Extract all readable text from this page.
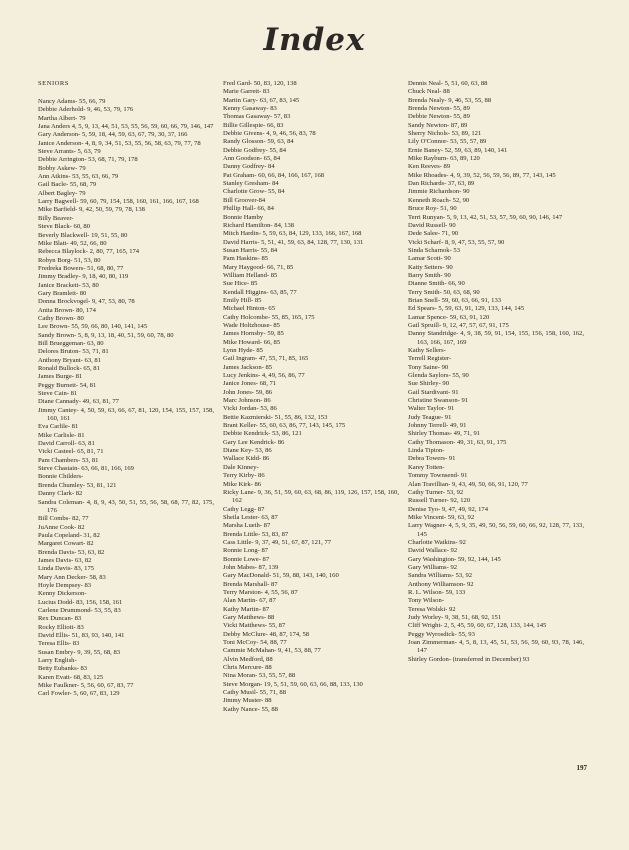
Index
SENIORS
Nancy Adams- 55, 66, 79
Debbie Aderhold- 9, 46, 53, 79, 176
Martha Albert- 79
Jana Anders 4, 5, 9, 13, 44, 51, 53, 55, 56, 59, 60, 66, 79, 146, 147
Gary Anderson- 5, 59, 18, 44, 59, 63, 67, 79, 30, 37, 166
Janice Anderson- 4, 8, 9, 34, 51, 53, 55, 56, 58, 63, 79, 77, 78
Steve Arrants- 5, 63, 79
Debbie Arrington- 53, 68, 71, 79, 178
Bobby Askew- 79
Ann Atkins- 53, 55, 63, 66, 79
Gail Bacle- 55, 68, 79
Albert Bagley- 79
Larry Bagwell- 59, 60, 79, 154, 158, 160, 161, 166, 167, 168
Mike Barfield- 9, 42, 50, 59, 79, 78, 138
Billy Beaver-
Steve Black- 60, 80
Beverly Blackwell- 19, 51, 55, 80
Mike Blatt- 49, 52, 66, 80
Rebecca Blaylock- 2, 80, 77, 165, 174
Robyn Borg- 51, 53, 80
Fredreka Bowers- 51, 68, 80, 77
Jimmy Bradley- 9, 18, 40, 80, 119
Janice Brackett- 53, 80
Gary Bramlett- 80
Donna Brockvogel- 9, 47, 53, 80, 78
Anita Brown- 80, 174
Cathy Brown- 80
Lee Brown- 55, 59, 66, 80, 140, 141, 145
Sandy Brown- 5, 8, 9, 13, 18, 40, 51, 59, 60, 78, 80
Bill Brueggeman- 63, 80
Delores Bruton- 53, 71, 81
Anthony Bryant- 63, 81
Ronald Bullock- 65, 81
James Burge- 81
Peggy Burnett- 54, 81
Steve Cain- 81
Diane Cannady- 49, 63, 81, 77
Jimmy Cantey- 4, 50, 59, 63, 66, 67, 81, 120, 154, 155, 157, 158, 160, 161
Eva Carlile- 81
Mike Carlisle- 81
David Carroll- 63, 81
Vicki Casteel- 65, 81, 71
Pam Chambers- 53, 81
Steve Chastain- 63, 66, 81, 166, 169
Bonnie Childers-
Brenda Chumley- 53, 81, 121
Danny Clark- 82
Sandra Coleman- 4, 8, 9, 43, 50, 51, 55, 56, 58, 68, 77, 82, 175, 176
Bill Combs- 82, 77
JuAnne Cook- 82
Paula Copeland- 31, 82
Margaret Cowart- 82
Brenda Davis- 53, 63, 82
James Davis- 63, 82
Linda Davis- 83, 175
Mary Ann Decker- 58, 83
Hoyle Dempsey- 83
Kenny Dickerson-
Lucius Dodd- 83, 156, 158, 161
Carlene Drummond- 53, 55, 83
Rex Duncan- 83
Rocky Elliott- 83
David Ellis- 51, 83, 93, 140, 141
Teresa Ellis- 83
Susan Embry- 9, 39, 55, 68, 83
Larry English-
Betty Eubanks- 83
Karen Evatt- 68, 83, 125
Mike Faulkner- 5, 56, 60, 67, 83, 77
Carl Fowler- 5, 60, 67, 83, 129
Fred Gard- 50, 83, 120, 138
Marie Garrett- 83
Martin Gary- 63, 67, 83, 145
Kenny Gasaway- 83
Thomas Gasaway- 57, 83
Billie Gillespie- 66, 83
Debbie Givens- 4, 9, 46, 56, 83, 78
Randy Glosson- 59, 63, 84
Debbie Godfrey- 55, 84
Ann Goodson- 65, 84
Danny Godfrey- 84
Pat Graham- 60, 66, 84, 166, 167, 168
Stanley Gresham- 84
Charlotte Grow- 55, 84
Bill Groover-84
Phillip Hall- 66, 84
Bonnie Hamby
Richard Hamilton- 84, 138
Mitch Hardin- 5, 59, 63, 84, 129, 133, 166, 167, 168
David Harris- 5, 51, 41, 59, 63, 84, 128, 77, 130, 131
Susan Harris- 55, 84
Pam Haskins- 85
Mary Haygood- 66, 71, 85
William Helland- 85
Sue Hice- 85
Kendall Higgins- 63, 85, 77
Emily Hill- 85
Michael Hinton- 65
Cathy Holcombe- 55, 85, 165, 175
Wade Holtzhouse- 85
James Hornsby- 59, 85
Mike Howard- 66, 85
Lynn Hyde- 85
Gail Ingram- 47, 55, 71, 85, 165
James Jackson- 85
Lucy Jenkins- 4, 49, 56, 86, 77
Janice Jones- 68, 71
John Jones- 59, 86
Marc Johnson- 86
Vicki Jordan- 53, 86
Bettie Kazmierski- 51, 55, 86, 132, 153
Brant Keller- 55, 60, 63, 86, 77, 143, 145, 175
Debbie Kendrick- 53, 86, 121
Gary Lee Kendrick- 86
Diane Key- 53, 86
Wallace Kidd- 86
Dale Kinney-
Terry Kirby- 86
Mike Kirk- 86
Ricky Lane- 9, 36, 51, 59, 60, 63, 68, 86, 119, 126, 157, 158, 160, 162
Cathy Legg- 87
Sheila Lester- 63, 87
Marsha Lueth- 87
Brenda Little- 53, 83, 87
Cass Little- 9, 37, 49, 51, 67, 87, 121, 77
Ronnie Long- 87
Bonnie Lowe- 87
John Mabes- 87, 139
Gary MacDonald- 51, 59, 88, 143, 140, 160
Brenda Marshall- 87
Terry Marston- 4, 55, 56, 87
Alan Martin- 67, 87
Kathy Martin- 87
Gary Matthews- 88
Vicki Matthews- 55, 87
Debby McClure- 48, 87, 174, 58
Toni McCoy- 54, 88, 77
Cammie McMahan- 9, 41, 53, 88, 77
Alvin Medford, 88
Chris Mercure- 88
Nina Moran- 53, 55, 57, 88
Steve Morgan- 19, 5, 51, 59, 60, 63, 66, 88, 133, 130
Cathy Musil- 55, 71, 88
Jimmy Muster- 88
Kathy Nance- 55, 88
Dennis Neal- 5, 51, 60, 63, 88
Chuck Neal- 88
Brenda Nealy- 9, 46, 53, 55, 88
Brenda Newton- 55, 89
Debbie Newton- 55, 89
Sandy Newton- 87, 89
Sherry Nichols- 53, 89, 121
Lily O'Connor- 53, 55, 57, 89
Ernie Baney- 52, 59, 63, 89, 140, 141
Mike Rayburn- 63, 89, 120
Ken Reeves- 89
Mike Rhoades- 4, 9, 39, 52, 56, 59, 56, 89, 77, 143, 145
Dan Richards- 37, 63, 89
Jimmie Richardson- 90
Kenneth Roach- 52, 90
Bruce Roy- 51, 90
Terri Runyan- 5, 9, 13, 42, 51, 53, 57, 59, 60, 90, 146, 147
David Russell- 90
Dede Salee- 71, 90
Vicki Scharf- 8, 9, 47, 53, 55, 57, 90
Sinda Scharnok- 53
Lamar Scott- 90
Katty Setters- 90
Barry Smith- 90
Dianne Smith- 66, 90
Terry Smith- 50, 63, 68, 90
Brian Snell- 59, 60, 63, 66, 91, 133
Ed Spears- 5, 59, 63, 91, 129, 133, 144, 145
Lamar Spence- 59, 63, 91, 120
Gail Spruill- 9, 12, 47, 57, 67, 91, 175
Danny Standridge- 4, 9, 38, 59, 91, 154, 155, 156, 158, 160, 162, 163, 166, 167, 169
Kathy Sellers-
Terrell Register-
Tony Saine- 90
Glenda Saylors- 55, 90
Sue Shirley- 90
Gail Stardivant- 91
Christine Swanson- 91
Walter Taylor- 91
Judy Teague- 91
Johnny Terrell- 49, 91
Shirley Thomas- 49, 71, 91
Cathy Thomason- 49, 31, 63, 91, 175
Linda Tipton-
Debra Towers- 91
Karey Totten-
Tommy Townsend- 91
Alan Travillian- 9, 43, 49, 50, 66, 91, 120, 77
Cathy Turner- 53, 92
Russell Turner- 92, 120
Denise Tyo- 9, 47, 49, 92, 174
Mike Vincent- 59, 63, 92
Larry Wagner- 4, 5, 9, 35, 49, 50, 56, 59, 60, 66, 92, 128, 77, 133, 145
Charlotte Watkins- 92
David Wallace- 92
Gary Washington- 59, 92, 144, 145
Gary Williams- 92
Sandra Williams- 53, 92
Anthony Williamson- 92
R. L. Wilson- 59, 133
Tony Wilson-
Teresa Wolski- 92
Judy Worley- 9, 38, 51, 68, 92, 151
Cliff Wright- 2, 5, 45, 59, 60, 67, 128, 133, 144, 145
Peggy Wyrosdick- 55, 93
Joan Zimmerman- 4, 5, 8, 13, 45, 51, 53, 56, 59, 60, 93, 78, 146, 147
Shirley Gordon- (transferred in December) 93
197
